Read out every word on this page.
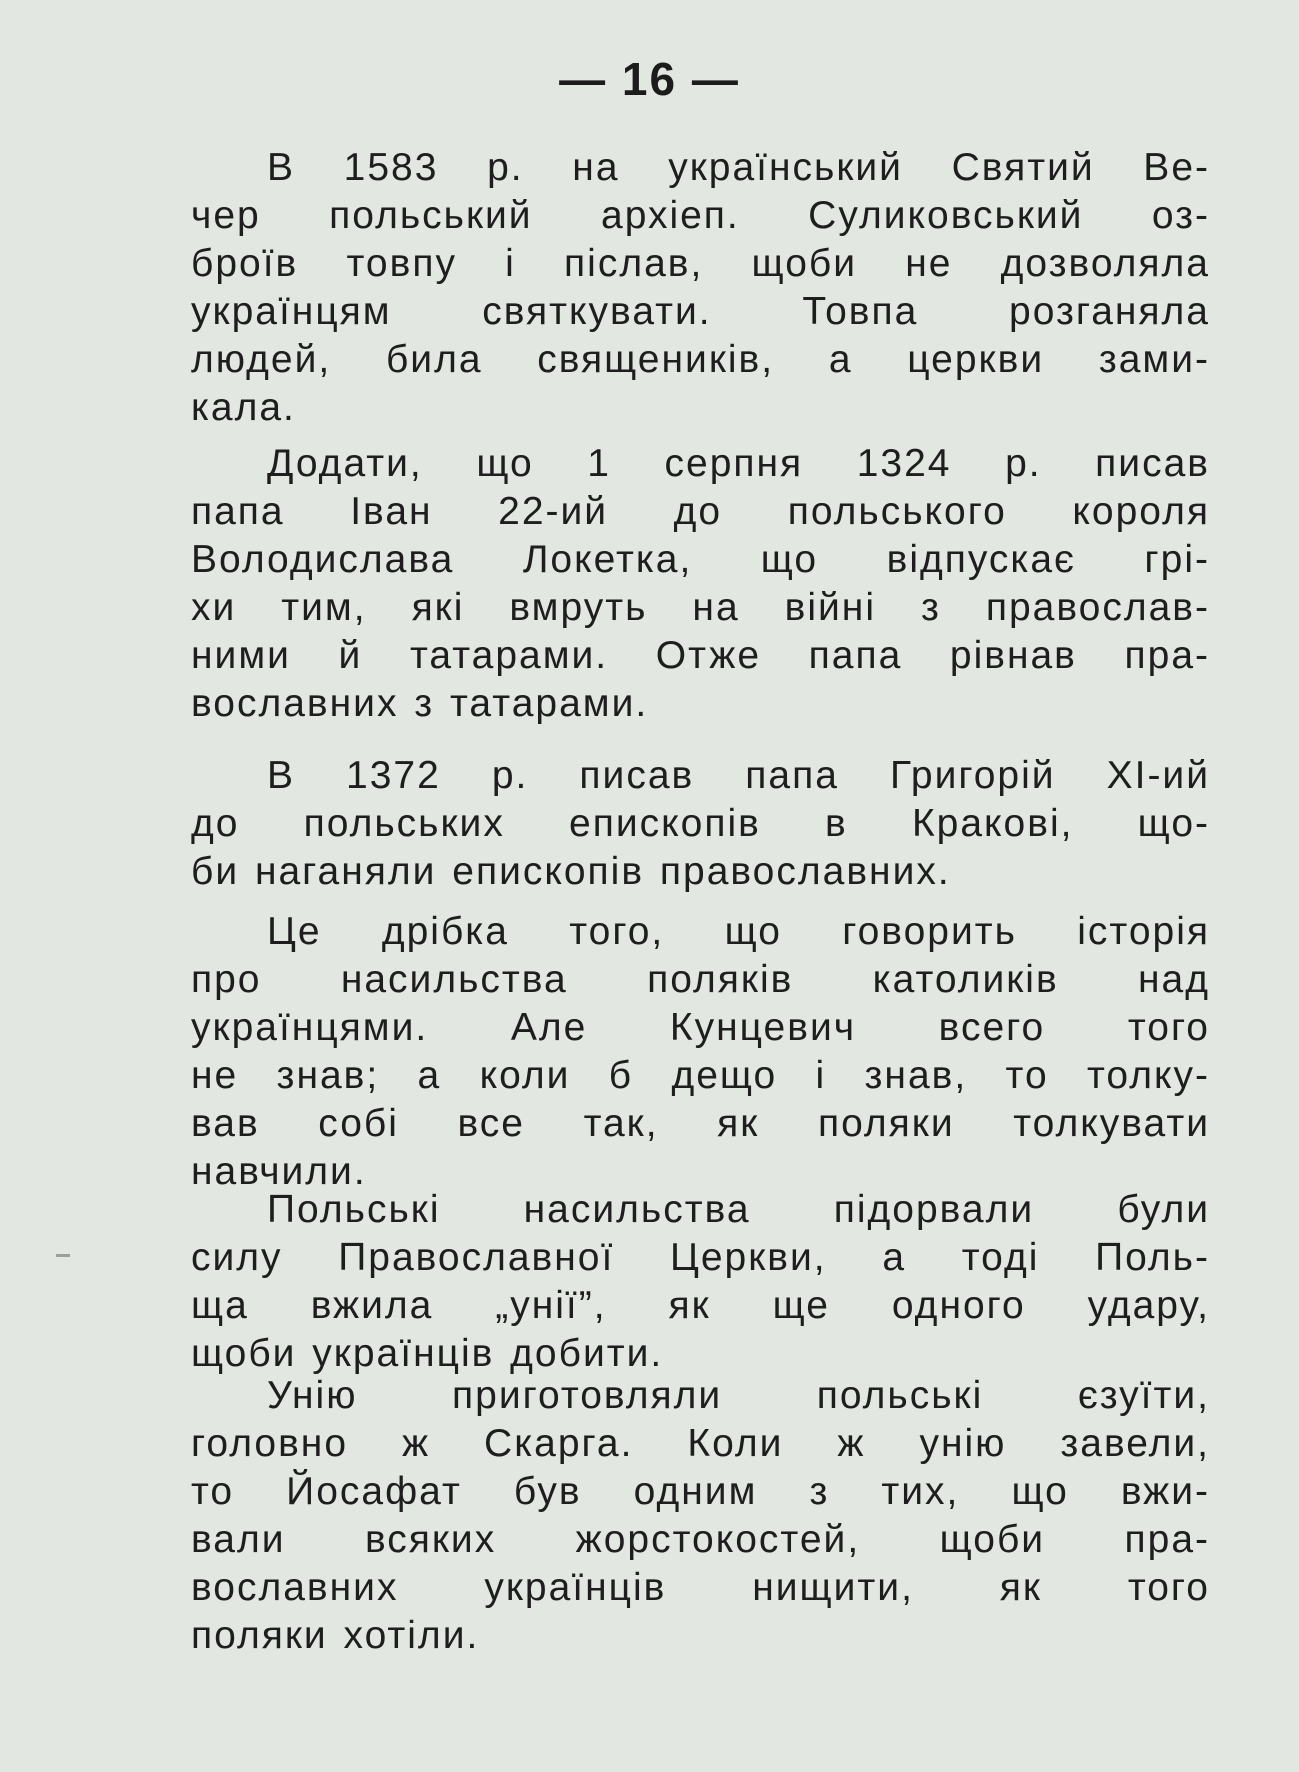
— 16 —
В 1583 р. на український Святий Ве-
чер польський архіеп. Суликовський оз-
броїв товпу і післав, щоби не дозволяла
українцям святкувати. Товпа розганяла
людей, била священиків, а церкви зами-
кала.
Додати, що 1 серпня 1324 р. писав
папа Іван 22-ий до польського короля
Володислава Локетка, що відпускає грі-
хи тим, які вмруть на війні з православ-
ними й татарами. Отже папа рівнав пра-
вославних з татарами.
В 1372 р. писав папа Григорій XI-ий
до польських епископів в Кракові, що-
би наганяли епископів православних.
Це дрібка того, що говорить історія
про насильства поляків католиків над
українцями. Але Кунцевич всего того
не знав; а коли б дещо і знав, то толку-
вав собі все так, як поляки толкувати
навчили.
Польські насильства підорвали були
силу Православної Церкви, а тоді Поль-
ща вжила „унії”, як ще одного удару,
щоби українців добити.
Унію приготовляли польські єзуїти,
головно ж Скарга. Коли ж унію завели,
то Йосафат був одним з тих, що вжи-
вали всяких жорстокостей, щоби пра-
вославних українців нищити, як того
поляки хотіли.
